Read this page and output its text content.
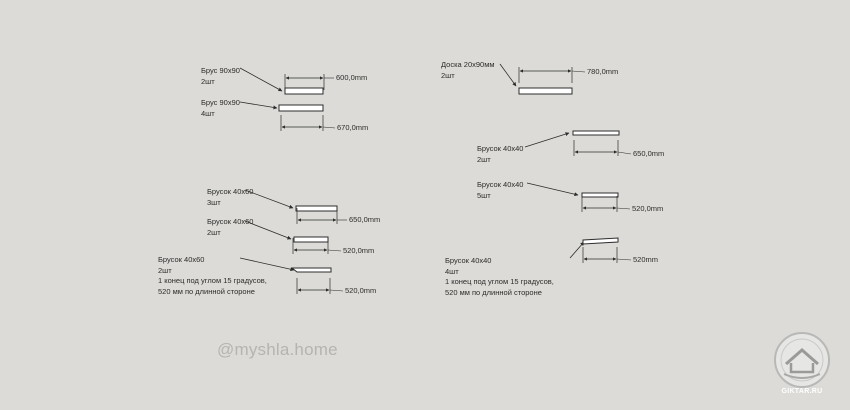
Брус 90x90
2шт	600,0mm
Брус 90x90
4шт
670,0mm
Брусок 40x60
3шт
650,0mm
Брусок 40x60
2шт
520,0mm
Брусок 40x60
2шт
1 конец под углом 15 градусов,
520 мм по длинной стороне	520,0mm
Доска 20x90мм
2шт	780,0mm
Брусок 40x40
2шт
650,0mm
Брусок 40x40
5шт
520,0mm
Брусок 40x40
4шт
1 конец под углом 15 градусов,
520 мм по длинной стороне
520mm
@myshla.home
GIKTAR.RU
